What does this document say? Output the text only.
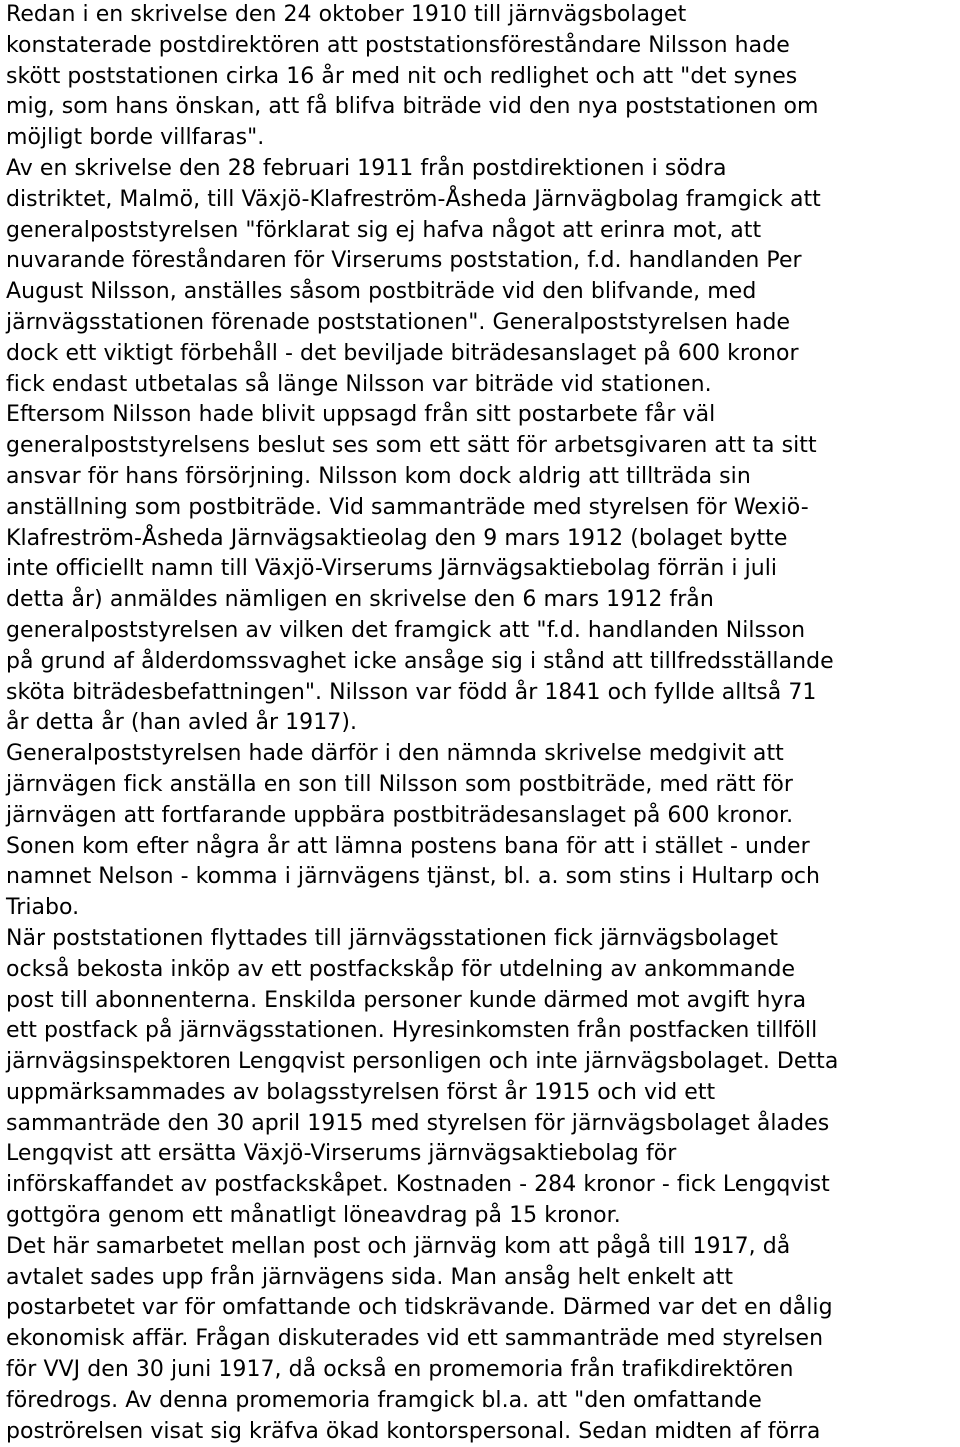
Redan i en skrivelse den 24 oktober 1910 till järnvägsbolaget
konstaterade postdirektören att poststationsföreståndare Nilsson hade
skött poststationen cirka 16 år med nit och redlighet och att "det synes
mig, som hans önskan, att få blifva biträde vid den nya poststationen om
möjligt borde villfaras".
Av en skrivelse den 28 februari 1911 från postdirektionen i södra
distriktet, Malmö, till Växjö-Klafreström-Åsheda Järnvägbolag framgick att
generalpoststyrelsen "förklarat sig ej hafva något att erinra mot, att
nuvarande föreståndaren för Virserums poststation, f.d. handlanden Per
August Nilsson, anställes såsom postbiträde vid den blifvande, med
järnvägsstationen förenade poststationen". Generalpoststyrelsen hade
dock ett viktigt förbehåll - det beviljade biträdesanslaget på 600 kronor
fick endast utbetalas så länge Nilsson var biträde vid stationen.
Eftersom Nilsson hade blivit uppsagd från sitt postarbete får väl
generalpoststyrelsens beslut ses som ett sätt för arbetsgivaren att ta sitt
ansvar för hans försörjning. Nilsson kom dock aldrig att tillträda sin
anställning som postbiträde. Vid sammanträde med styrelsen för Wexiö-
Klafreström-Åsheda Järnvägsaktieolag den 9 mars 1912 (bolaget bytte
inte officiellt namn till Växjö-Virserums Järnvägsaktiebolag förrän i juli
detta år) anmäldes nämligen en skrivelse den 6 mars 1912 från
generalpoststyrelsen av vilken det framgick att "f.d. handlanden Nilsson
på grund af ålderdomssvaghet icke ansåge sig i stånd att tillfredsställande
sköta biträdesbefattningen". Nilsson var född år 1841 och fyllde alltså 71
år detta år (han avled år 1917).
Generalpoststyrelsen hade därför i den nämnda skrivelse medgivit att
järnvägen fick anställa en son till Nilsson som postbiträde, med rätt för
järnvägen att fortfarande uppbära postbiträdesanslaget på 600 kronor.
Sonen kom efter några år att lämna postens bana för att i stället - under
namnet Nelson - komma i järnvägens tjänst, bl. a. som stins i Hultarp och
Triabo.
När poststationen flyttades till järnvägsstationen fick järnvägsbolaget
också bekosta inköp av ett postfackskåp för utdelning av ankommande
post till abonnenterna. Enskilda personer kunde därmed mot avgift hyra
ett postfack på järnvägsstationen. Hyresinkomsten från postfacken tillföll
järnvägsinspektoren Lengqvist personligen och inte järnvägsbolaget. Detta
uppmärksammades av bolagsstyrelsen först år 1915 och vid ett
sammanträde den 30 april 1915 med styrelsen för järnvägsbolaget ålades
Lengqvist att ersätta Växjö-Virserums järnvägsaktiebolag för
införskaffandet av postfackskåpet. Kostnaden - 284 kronor - fick Lengqvist
gottgöra genom ett månatligt löneavdrag på 15 kronor.
Det här samarbetet mellan post och järnväg kom att pågå till 1917, då
avtalet sades upp från järnvägens sida. Man ansåg helt enkelt att
postarbetet var för omfattande och tidskrävande. Därmed var det en dålig
ekonomisk affär. Frågan diskuterades vid ett sammanträde med styrelsen
för VVJ den 30 juni 1917, då också en promemoria från trafikdirektören
föredrogs. Av denna promemoria framgick bl.a. att "den omfattande
poströrelsen visat sig kräfva ökad kontorspersonal. Sedan midten af förra
